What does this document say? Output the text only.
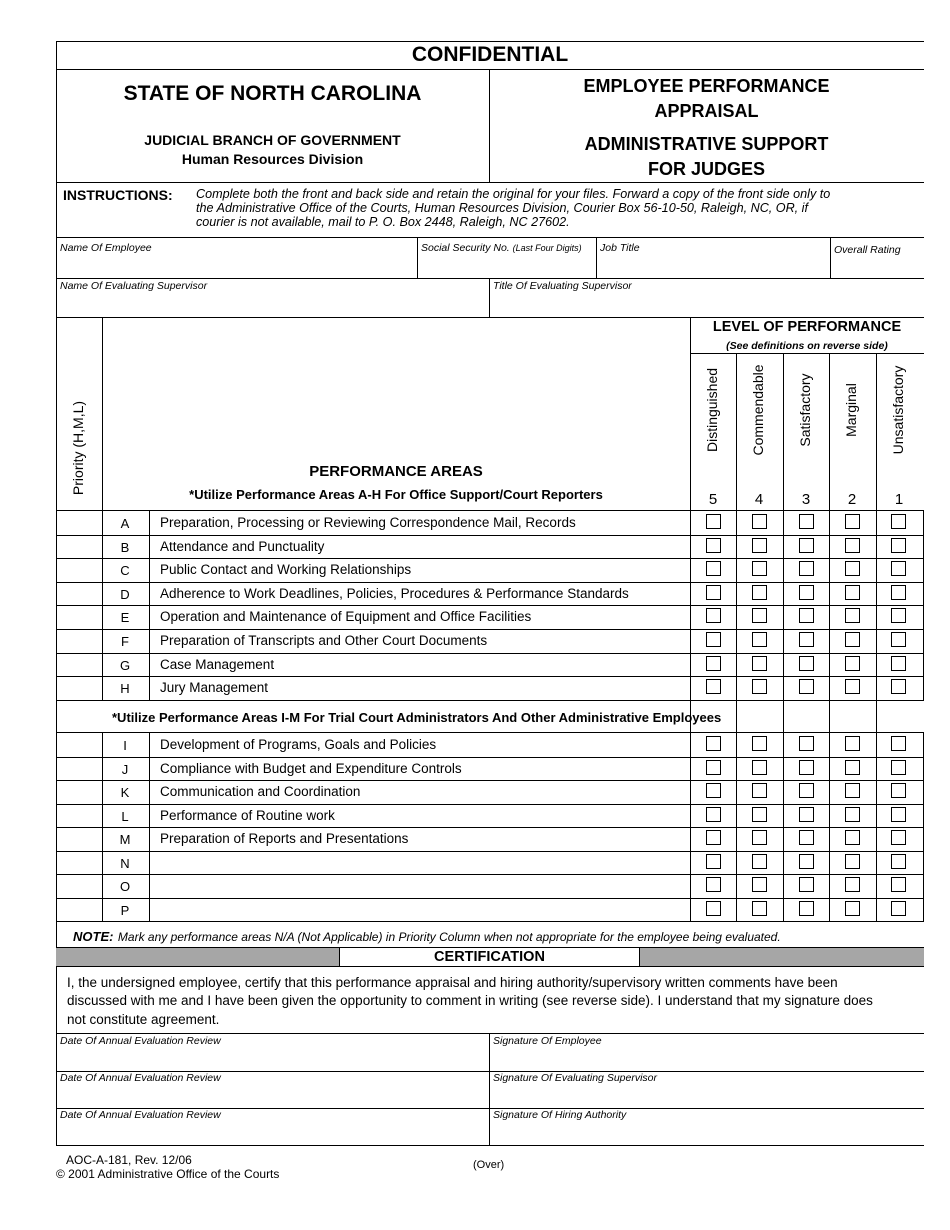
CONFIDENTIAL
STATE OF NORTH CAROLINA
JUDICIAL BRANCH OF GOVERNMENT
Human Resources Division
EMPLOYEE PERFORMANCE
APPRAISAL
ADMINISTRATIVE SUPPORT
FOR JUDGES
INSTRUCTIONS: Complete both the front and back side and retain the original for your files. Forward a copy of the front side only to
the Administrative Office of the Courts, Human Resources Division, Courier Box 56-10-50, Raleigh, NC, OR, if
courier is not available, mail to P. O. Box 2448, Raleigh, NC 27602.
Name Of Employee	Social Security No. (Last Four Digits) Job Title	Overall Rating
Name Of Evaluating Supervisor	Title Of Evaluating Supervisor
Priority (H,M,L)	PERFORMANCE AREAS
*Utilize Performance Areas A-H For Office Support/Court Reporters
LEVEL OF PERFORMANCE
(See definitions on reverse side)
Distinguished
5
Commendable
4
Satisfactory
3
Marginal
2
Unsatisfactory
1
A	Preparation, Processing or Reviewing Correspondence Mail, Records
B	Attendance and Punctuality
C	Public Contact and Working Relationships
D	Adherence to Work Deadlines, Policies, Procedures & Performance Standards
E	Operation and Maintenance of Equipment and Office Facilities
F	Preparation of Transcripts and Other Court Documents
G	Case Management
H	Jury Management
*Utilize Performance Areas I-M For Trial Court Administrators And Other Administrative Employees
I	Development of Programs, Goals and Policies
J	Compliance with Budget and Expenditure Controls
K	Communication and Coordination
L	Performance of Routine work
M	Preparation of Reports and Presentations
N
O
P
NOTE: Mark any performance areas N/A (Not Applicable) in Priority Column when not appropriate for the employee being evaluated.
CERTIFICATION
I, the undersigned employee, certify that this performance appraisal and hiring authority/supervisory written comments have been
discussed with me and I have been given the opportunity to comment in writing (see reverse side). I understand that my signature does
not constitute agreement.
Date Of Annual Evaluation Review	Signature Of Employee
Date Of Annual Evaluation Review	Signature Of Evaluating Supervisor
Date Of Annual Evaluation Review	Signature Of Hiring Authority
AOC-A-181, Rev. 12/06
© 2001 Administrative Office of the Courts
(Over)
